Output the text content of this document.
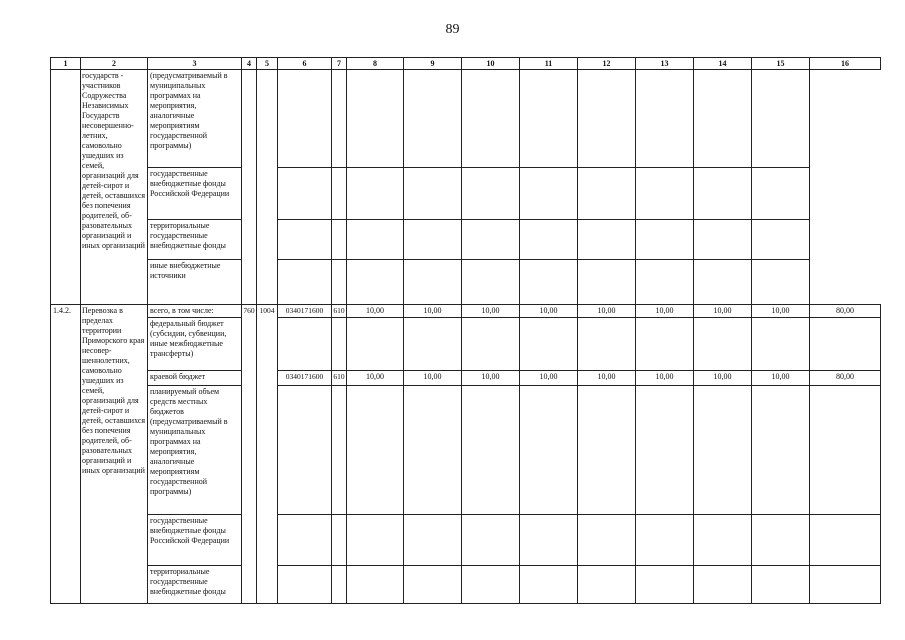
89
1	2	3	4	5	6	7	8	9	10	11	12	13	14	15	16
	государств - участников Содружества Независимых Государств несовершенно-летних, самовольно ушедших из семей, организаций для детей-сирот и детей, оставшихся без попечения родителей, об-разовательных организаций и иных организаций	(предусматриваемый в муниципальных программах на мероприятия, аналогичные мероприятиям государственной программы)													
		государственные внебюджетные фонды Российской Федерации													
		территориальные государственные внебюджетные фонды													
		иные внебюджетные источники													
1.4.2.	Перевозка в пределах территории Приморского края несовер-шеннолетних, самовольно ушедших из семей, организаций для детей-сирот и детей, оставшихся без попечения родителей, об-разовательных организаций и иных организаций	всего, в том числе:	760	1004	0340171600	610	10,00	10,00	10,00	10,00	10,00	10,00	10,00	10,00	80,00
		федеральный бюджет (субсидии, субвенции, иные межбюджетные трансферты)													
		краевой бюджет			0340171600	610	10,00	10,00	10,00	10,00	10,00	10,00	10,00	10,00	80,00
		планируемый объем средств местных бюджетов (предусматриваемый в муниципальных программах на мероприятия, аналогичные мероприятиям государственной программы)													
		государственные внебюджетные фонды Российской Федерации													
		территориальные государственные внебюджетные фонды													
